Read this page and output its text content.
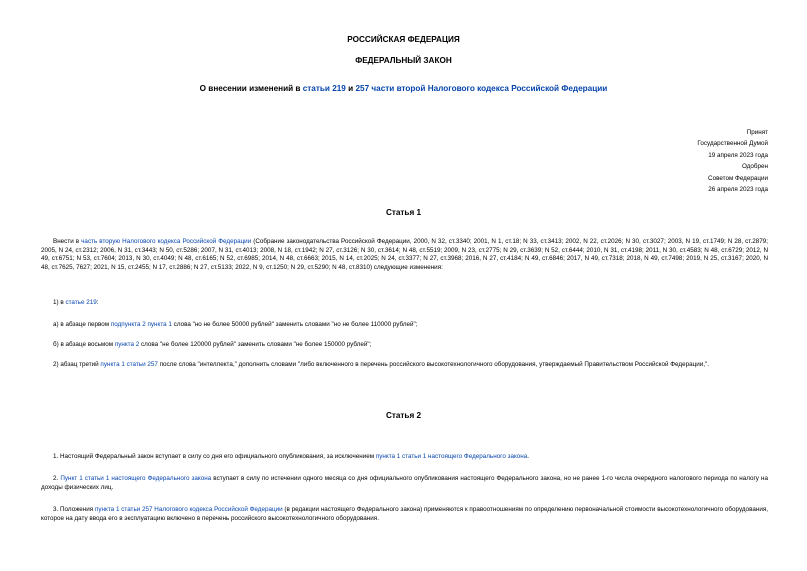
РОССИЙСКАЯ ФЕДЕРАЦИЯ
ФЕДЕРАЛЬНЫЙ ЗАКОН
О внесении изменений в статьи 219 и 257 части второй Налогового кодекса Российской Федерации
Принят
Государственной Думой
19 апреля 2023 года
Одобрен
Советом Федерации
26 апреля 2023 года
Статья 1
Внести в часть вторую Налогового кодекса Российской Федерации (Собрание законодательства Российской Федерации, 2000, N 32, ст.3340; 2001, N 1, ст.18; N 33, ст.3413; 2002, N 22, ст.2026; N 30, ст.3027; 2003, N 19, ст.1749; N 28, ст.2879; 2005, N 24, ст.2312; 2006, N 31, ст.3443; N 50, ст.5286; 2007, N 31, ст.4013; 2008, N 18, ст.1942; N 27, ст.3126; N 30, ст.3614; N 48, ст.5519; 2009, N 23, ст.2775; N 29, ст.3639; N 52, ст.6444; 2010, N 31, ст.4198; 2011, N 30, ст.4583; N 48, ст.6729; 2012, N 49, ст.6751; N 53, ст.7604; 2013, N 30, ст.4049; N 48, ст.6165; N 52, ст.6985; 2014, N 48, ст.6663; 2015, N 14, ст.2025; N 24, ст.3377; N 27, ст.3968; 2016, N 27, ст.4184; N 49, ст.6846; 2017, N 49, ст.7318; 2018, N 49, ст.7498; 2019, N 25, ст.3167; 2020, N 48, ст.7625, 7627; 2021, N 15, ст.2455; N 17, ст.2886; N 27, ст.5133; 2022, N 9, ст.1250; N 29, ст.5290; N 48, ст.8310) следующие изменения:
1) в статье 219:
а) в абзаце первом подпункта 2 пункта 1 слова "но не более 50000 рублей" заменить словами "но не более 110000 рублей";
б) в абзаце восьмом пункта 2 слова "не более 120000 рублей" заменить словами "не более 150000 рублей";
2) абзац третий пункта 1 статьи 257 после слова "интеллекта," дополнить словами "либо включенного в перечень российского высокотехнологичного оборудования, утверждаемый Правительством Российской Федерации,".
Статья 2
1. Настоящий Федеральный закон вступает в силу со дня его официального опубликования, за исключением пункта 1 статьи 1 настоящего Федерального закона.
2. Пункт 1 статьи 1 настоящего Федерального закона вступает в силу по истечении одного месяца со дня официального опубликования настоящего Федерального закона, но не ранее 1-го числа очередного налогового периода по налогу на доходы физических лиц.
3. Положения пункта 1 статьи 257 Налогового кодекса Российской Федерации (в редакции настоящего Федерального закона) применяются к правоотношениям по определению первоначальной стоимости высокотехнологичного оборудования, которое на дату ввода его в эксплуатацию включено в перечень российского высокотехнологичного оборудования.
